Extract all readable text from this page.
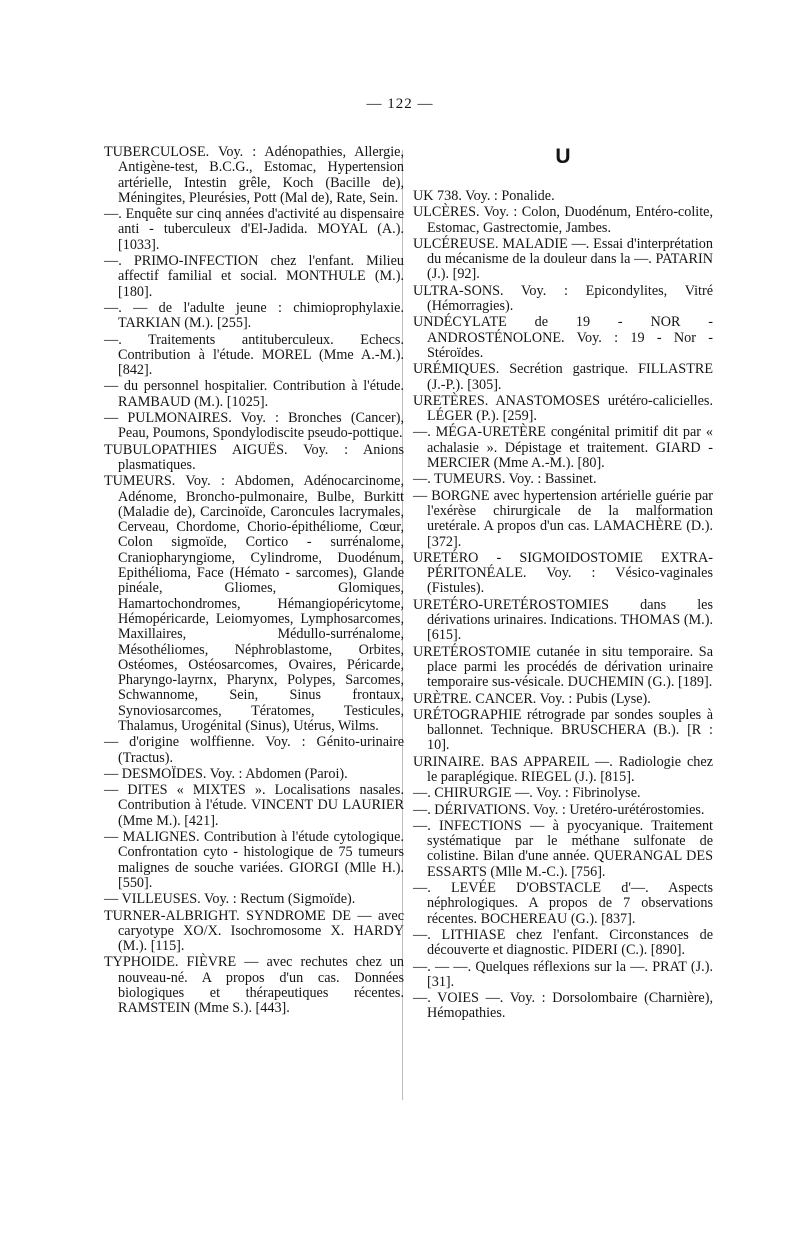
— 122 —

TUBERCULOSE. Voy. : Adénopathies, Allergie, Antigène-test, B.C.G., Estomac, Hypertension artérielle, Intestin grêle, Koch (Bacille de), Méningites, Pleurésies, Pott (Mal de), Rate, Sein.

—. Enquête sur cinq années d'activité au dispensaire anti - tuberculeux d'El-Jadida. MOYAL (A.). [1033].

—. PRIMO-INFECTION chez l'enfant. Milieu affectif familial et social. MONTHULE (M.). [180].

—. — de l'adulte jeune : chimioprophylaxie. TARKIAN (M.). [255].

—. Traitements antituberculeux. Echecs. Contribution à l'étude. MOREL (Mme A.-M.). [842].

— du personnel hospitalier. Contribution à l'étude. RAMBAUD (M.). [1025].

— PULMONAIRES. Voy. : Bronches (Cancer), Peau, Poumons, Spondylodiscite pseudo-pottique.

TUBULOPATHIES AIGUËS. Voy. : Anions plasmatiques.

TUMEURS. Voy. : Abdomen, Adénocarcinome, Adénome, Broncho-pulmonaire, Bulbe, Burkitt (Maladie de), Carcinoïde, Caroncules lacrymales, Cerveau, Chordome, Chorio-épithéliome, Cœur, Colon sigmoïde, Cortico - surrénalome, Craniopharyngiome, Cylindrome, Duodénum, Epithélioma, Face (Hémato - sarcomes), Glande pinéale, Gliomes, Glomiques, Hamartochondromes, Hémangiopéricytome, Hémopéricarde, Leiomyomes, Lymphosarcomes, Maxillaires, Médullo-surrénalome, Mésothéliomes, Néphroblastome, Orbites, Ostéomes, Ostéosarcomes, Ovaires, Péricarde, Pharyngo-layrnx, Pharynx, Polypes, Sarcomes, Schwannome, Sein, Sinus frontaux, Synoviosarcomes, Tératomes, Testicules, Thalamus, Urogénital (Sinus), Utérus, Wilms.

— d'origine wolffienne. Voy. : Génito-urinaire (Tractus).

— DESMOÏDES. Voy. : Abdomen (Paroi).

— DITES « MIXTES ». Localisations nasales. Contribution à l'étude. VINCENT DU LAURIER (Mme M.). [421].

— MALIGNES. Contribution à l'étude cytologique. Confrontation cyto - histologique de 75 tumeurs malignes de souche variées. GIORGI (Mlle H.). [550].

— VILLEUSES. Voy. : Rectum (Sigmoïde).

TURNER-ALBRIGHT. SYNDROME DE — avec caryotype XO/X. Isochromosome X. HARDY (M.). [115].

TYPHOIDE. FIÈVRE — avec rechutes chez un nouveau-né. A propos d'un cas. Données biologiques et thérapeutiques récentes. RAMSTEIN (Mme S.). [443].

U

UK 738. Voy. : Ponalide.

ULCÈRES. Voy. : Colon, Duodénum, Entéro-colite, Estomac, Gastrectomie, Jambes.

ULCÉREUSE. MALADIE —. Essai d'interprétation du mécanisme de la douleur dans la —. PATARIN (J.). [92].

ULTRA-SONS. Voy. : Epicondylites, Vitré (Hémorragies).

UNDÉCYLATE de 19 - NOR - ANDROSTÉNOLONE. Voy. : 19 - Nor - Stéroïdes.

URÉMIQUES. Secrétion gastrique. FILLASTRE (J.-P.). [305].

URETÈRES. ANASTOMOSES urétéro-calicielles. LÉGER (P.). [259].

—. MÉGA-URETÈRE congénital primitif dit par « achalasie ». Dépistage et traitement. GIARD - MERCIER (Mme A.-M.). [80].

—. TUMEURS. Voy. : Bassinet.

— BORGNE avec hypertension artérielle guérie par l'exérèse chirurgicale de la malformation uretérale. A propos d'un cas. LAMACHÈRE (D.). [372].

URETÉRO - SIGMOIDOSTOMIE EXTRA-PÉRITONÉALE. Voy. : Vésico-vaginales (Fistules).

URETÉRO-URETÉROSTOMIES dans les dérivations urinaires. Indications. THOMAS (M.). [615].

URETÉROSTOMIE cutanée in situ temporaire. Sa place parmi les procédés de dérivation urinaire temporaire sus-vésicale. DUCHEMIN (G.). [189].

URÈTRE. CANCER. Voy. : Pubis (Lyse).

URÉTOGRAPHIE rétrograde par sondes souples à ballonnet. Technique. BRUSCHERA (B.). [R : 10].

URINAIRE. BAS APPAREIL —. Radiologie chez le paraplégique. RIEGEL (J.). [815].

—. CHIRURGIE —. Voy. : Fibrinolyse.

—. DÉRIVATIONS. Voy. : Uretéro-urétérostomies.

—. INFECTIONS — à pyocyanique. Traitement systématique par le méthane sulfonate de colistine. Bilan d'une année. QUERANGAL DES ESSARTS (Mlle M.-C.). [756].

—. LEVÉE D'OBSTACLE d'—. Aspects néphrologiques. A propos de 7 observations récentes. BOCHEREAU (G.). [837].

—. LITHIASE chez l'enfant. Circonstances de découverte et diagnostic. PIDERI (C.). [890].

—. — —. Quelques réflexions sur la —. PRAT (J.). [31].

—. VOIES —. Voy. : Dorsolombaire (Charnière), Hémopathies.
